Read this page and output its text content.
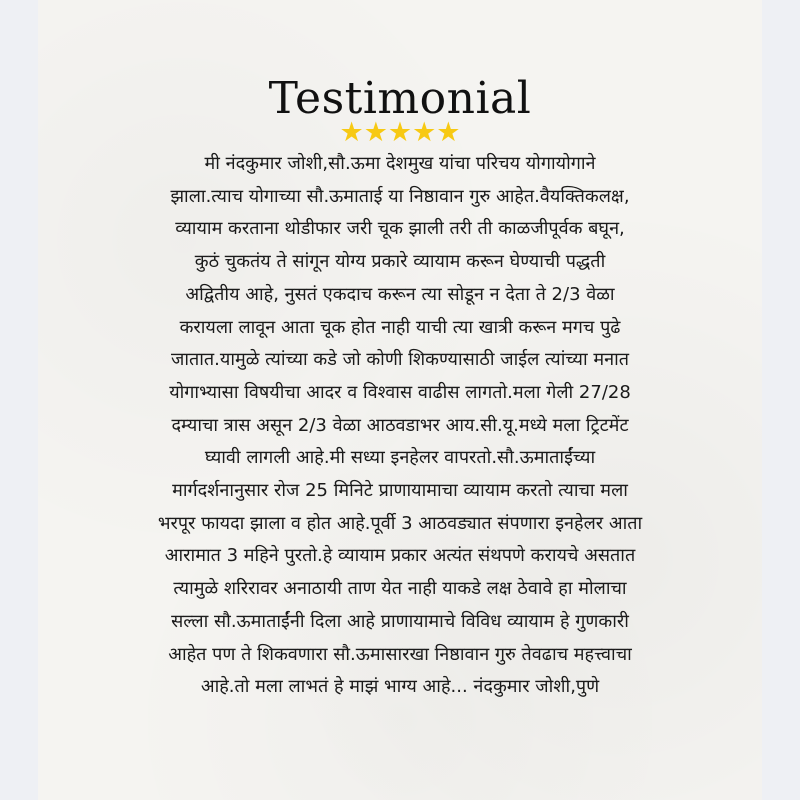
Testimonial
★★★★★
मी नंदकुमार जोशी,सौ.ऊमा देशमुख यांचा परिचय योगायोगाने
झाला.त्याच योगाच्या सौ.ऊमाताई या निष्ठावान गुरु आहेत.वैयक्तिकलक्ष,
व्यायाम करताना थोडीफार जरी चूक झाली तरी ती काळजीपूर्वक बघून,
कुठं चुकतंय ते सांगून योग्य प्रकारे व्यायाम करून घेण्याची पद्धती
अद्वितीय आहे, नुसतं एकदाच करून त्या सोडून न देता ते 2/3 वेळा
करायला लावून आता चूक होत नाही याची त्या खात्री करून मगच पुढे
जातात.यामुळे त्यांच्या कडे जो कोणी शिकण्यासाठी जाईल त्यांच्या मनात
योगाभ्यासा विषयीचा आदर व विश्वास वाढीस लागतो.मला गेली 27/28
दम्याचा त्रास असून 2/3 वेळा आठवडाभर आय.सी.यू.मध्ये मला ट्रिटमेंट
घ्यावी लागली आहे.मी सध्या इनहेलर वापरतो.सौ.ऊमाताईंच्या
मार्गदर्शनानुसार रोज 25 मिनिटे प्राणायामाचा व्यायाम करतो त्याचा मला
भरपूर फायदा झाला व होत आहे.पूर्वी 3 आठवड्यात संपणारा इनहेलर आता
आरामात 3 महिने पुरतो.हे व्यायाम प्रकार अत्यंत संथपणे करायचे असतात
त्यामुळे शरिरावर अनाठायी ताण येत नाही याकडे लक्ष ठेवावे हा मोलाचा
सल्ला सौ.ऊमाताईंनी दिला आहे प्राणायामाचे विविध व्यायाम हे गुणकारी
आहेत पण ते शिकवणारा सौ.ऊमासारखा निष्ठावान गुरु तेवढाच महत्त्वाचा
आहे.तो मला लाभतं हे माझं भाग्य आहे... नंदकुमार जोशी,पुणे
